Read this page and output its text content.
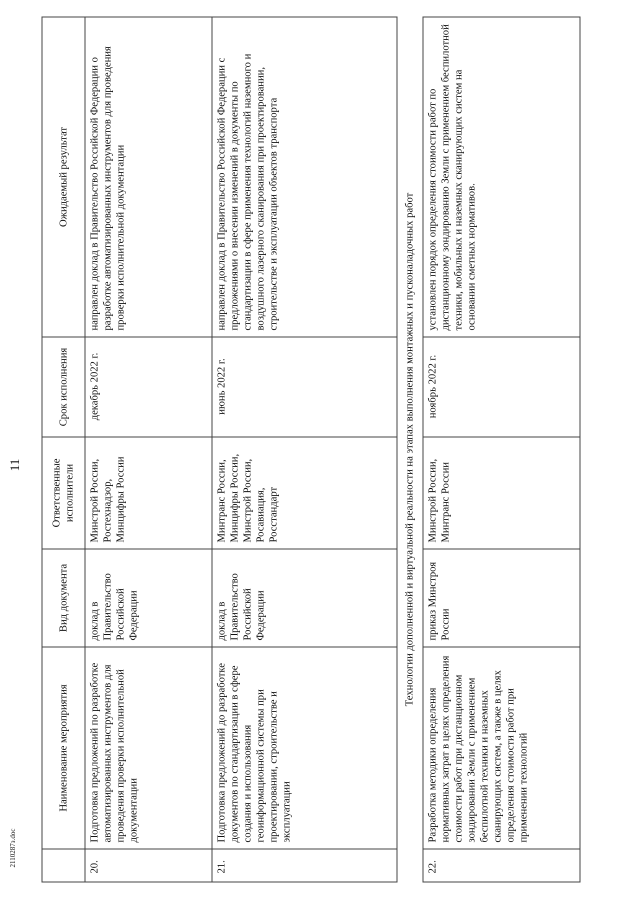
11
2110287з.doc
	Наименование мероприятия	Вид документа	Ответственные исполнители	Срок исполнения	Ожидаемый результат
20.	Подготовка предложений по разработке автоматизированных инструментов для проведения проверки исполнительной документации	доклад в Правительство Российской Федерации	Минстрой России, Ростехнадзор, Минцифры России	декабрь 2022 г.	направлен доклад в Правительство Российской Федерации о разработке автоматизированных инструментов для проведения проверки исполнительной документации
21.	Подготовка предложений до разработке документов по стандартизации в сфере создания и использования геоинформационной системы при проектировании, строительстве и эксплуатации	доклад в Правительство Российской Федерации	Минтранс России, Минцифры России, Минстрой России, Росавиация, Росстандарт	июнь 2022 г.	направлен доклад в Правительство Российской Федерации с предложениями о внесении изменений в документы по стандартизации в сфере применения технологий наземного и воздушного лазерного сканирования при проектировании, строительстве и эксплуатации объектов транспорта
Технологии дополненной и виртуальной реальности на этапах выполнения монтажных и пусконаладочных работ					
22.	Разработка методики определения нормативных затрат в целях определения стоимости работ при дистанционном зондировании Земли с применением беспилотной техники и наземных сканирующих систем, а также в целях определения стоимости работ при применении технологий	приказ Минстроя России	Минстрой России, Минтранс России	ноябрь 2022 г.	установлен порядок определения стоимости работ по дистанционному зондированию Земли с применением беспилотной техники, мобильных и наземных сканирующих систем на основании сметных нормативов.
